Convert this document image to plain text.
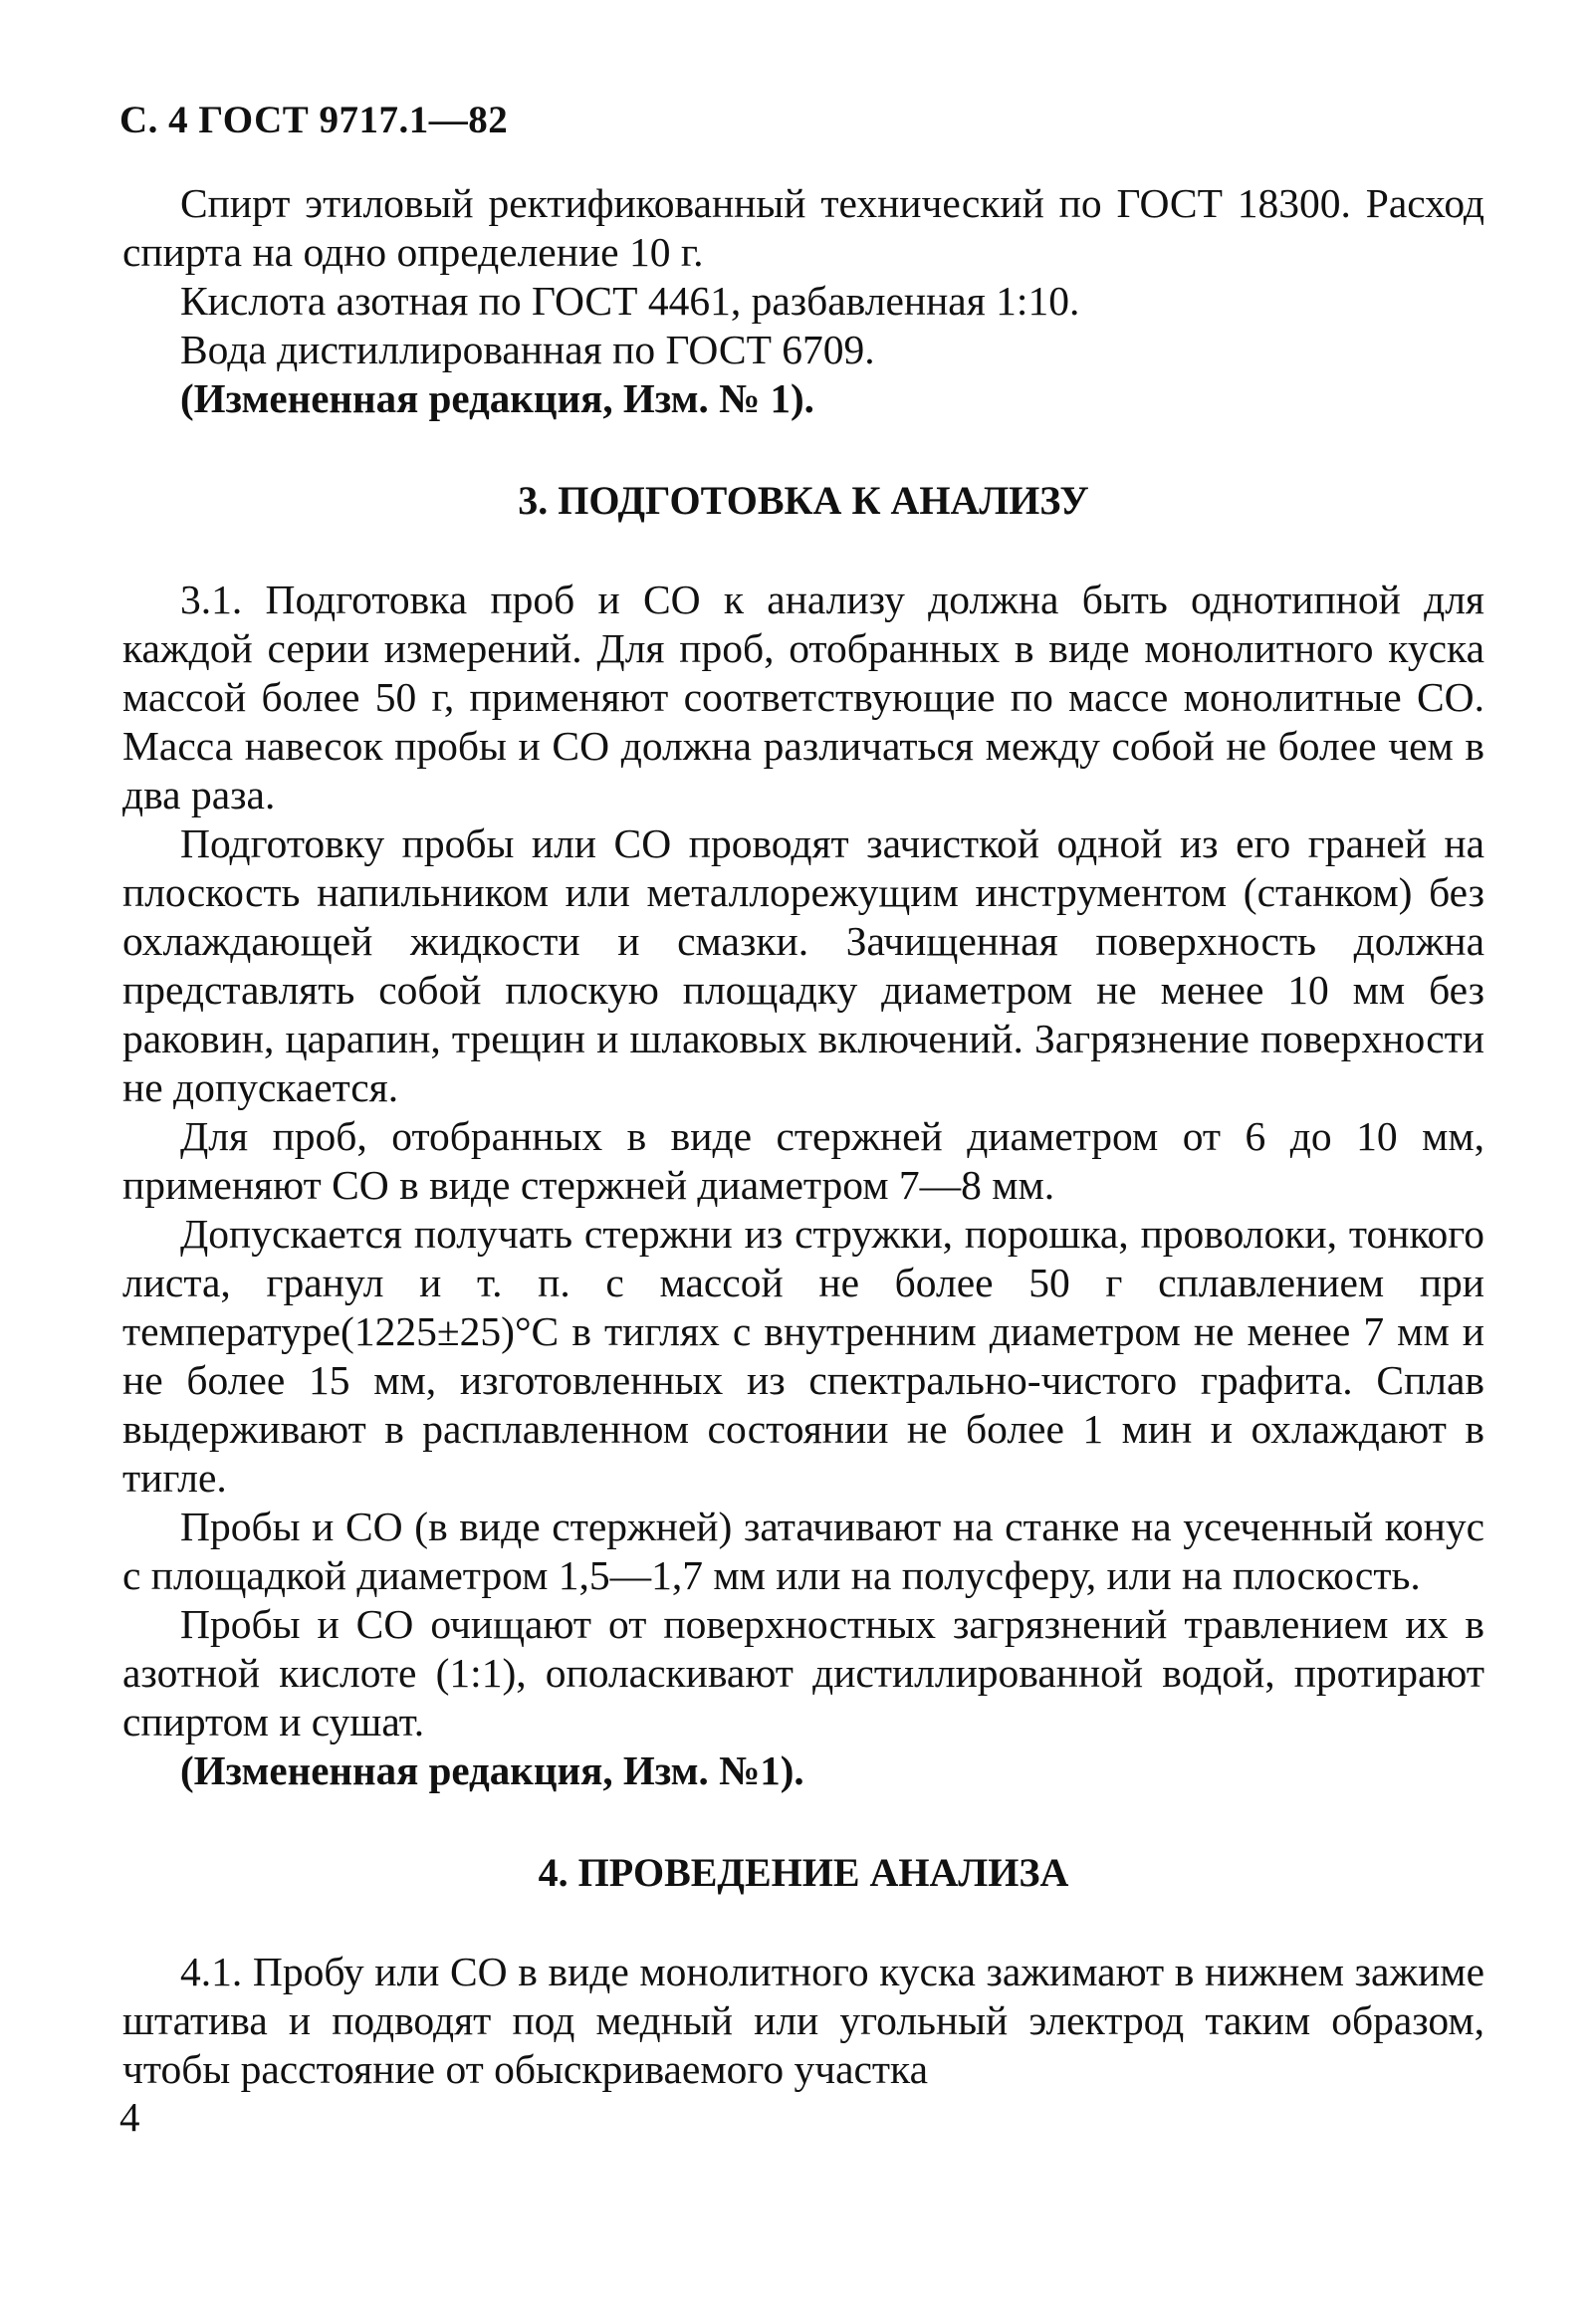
С. 4 ГОСТ 9717.1—82

Спирт этиловый ректификованный технический по ГОСТ 18300. Расход спирта на одно определение 10 г.

Кислота азотная по ГОСТ 4461, разбавленная 1:10.

Вода дистиллированная по ГОСТ 6709.

(Измененная редакция, Изм. № 1).

3. ПОДГОТОВКА К АНАЛИЗУ

3.1. Подготовка проб и СО к анализу должна быть однотипной для каждой серии измерений. Для проб, отобранных в виде монолитного куска массой более 50 г, применяют соответствующие по массе монолитные СО. Масса навесок пробы и СО должна различаться между собой не более чем в два раза.

Подготовку пробы или СО проводят зачисткой одной из его граней на плоскость напильником или металлорежущим инструментом (станком) без охлаждающей жидкости и смазки. Зачищенная поверхность должна представлять собой плоскую площадку диаметром не менее 10 мм без раковин, царапин, трещин и шлаковых включений. Загрязнение поверхности не допускается.

Для проб, отобранных в виде стержней диаметром от 6 до 10 мм, применяют СО в виде стержней диаметром 7—8 мм.

Допускается получать стержни из стружки, порошка, проволоки, тонкого листа, гранул и т. п. с массой не более 50 г сплавлением при температуре(1225±25)°С в тиглях с внутренним диаметром не менее 7 мм и не более 15 мм, изготовленных из спектрально-чистого графита. Сплав выдерживают в расплавленном состоянии не более 1 мин и охлаждают в тигле.

Пробы и СО (в виде стержней) затачивают на станке на усеченный конус с площадкой диаметром 1,5—1,7 мм или на полусферу, или на плоскость.

Пробы и СО очищают от поверхностных загрязнений травлением их в азотной кислоте (1:1), ополаскивают дистиллированной водой, протирают спиртом и сушат.

(Измененная редакция, Изм. №1).

4. ПРОВЕДЕНИЕ АНАЛИЗА

4.1. Пробу или СО в виде монолитного куска зажимают в нижнем зажиме штатива и подводят под медный или угольный электрод таким образом, чтобы расстояние от обыскриваемого участка

4
